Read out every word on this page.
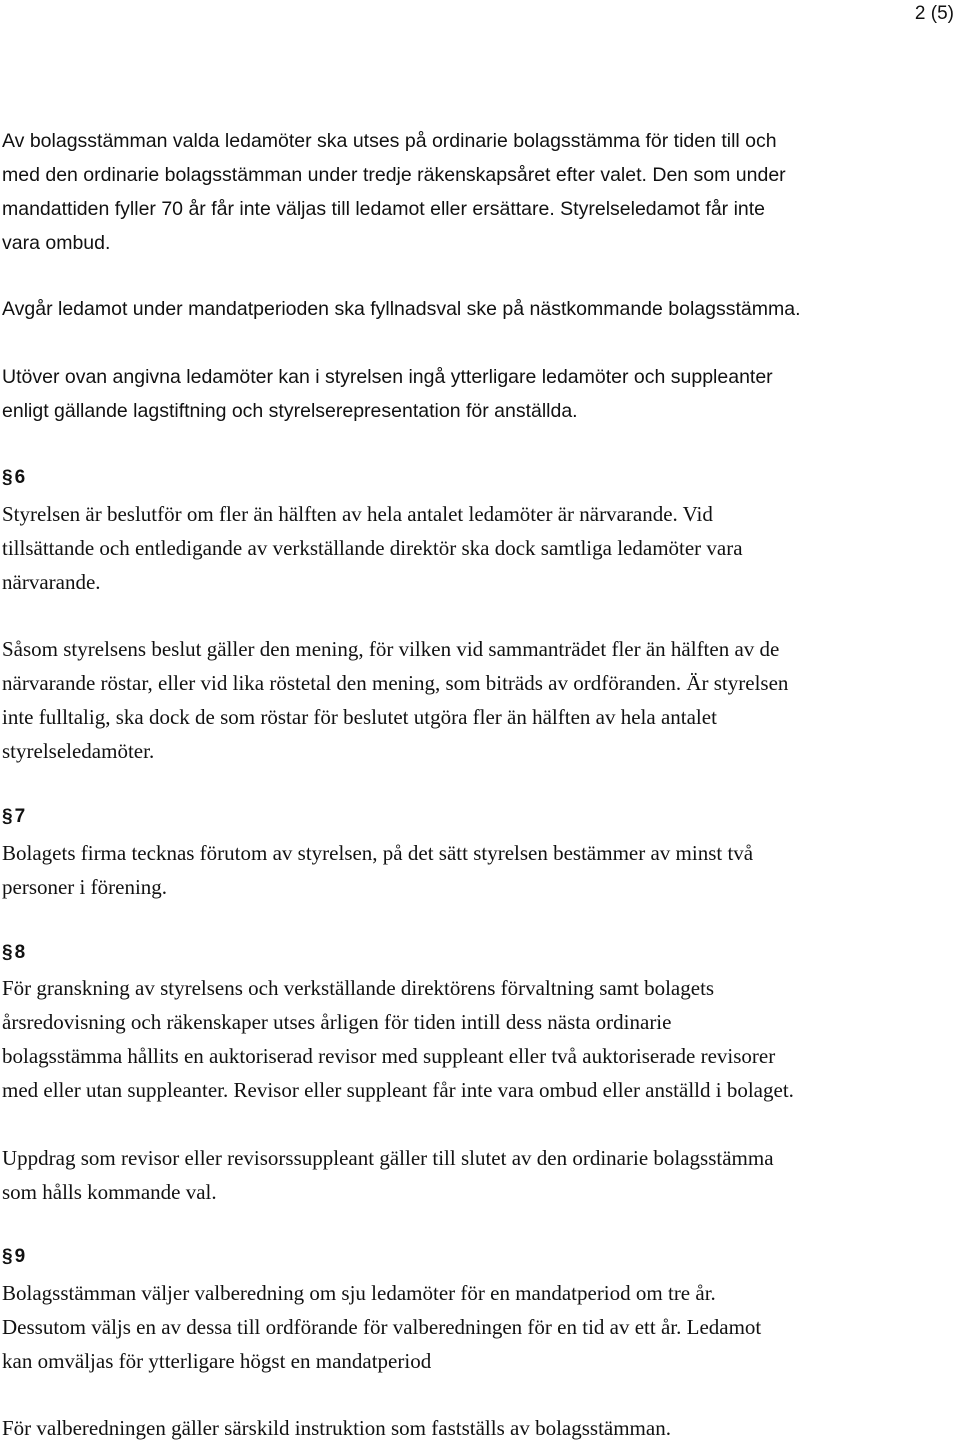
2 (5)

Av bolagsstämman valda ledamöter ska utses på ordinarie bolagsstämma för tiden till och
med den ordinarie bolagsstämman under tredje räkenskapsåret efter valet. Den som under
mandattiden fyller 70 år får inte väljas till ledamot eller ersättare. Styrelseledamot får inte
vara ombud.

Avgår ledamot under mandatperioden ska fyllnadsval ske på nästkommande bolagsstämma.

Utöver ovan angivna ledamöter kan i styrelsen ingå ytterligare ledamöter och suppleanter
enligt gällande lagstiftning och styrelserepresentation för anställda.

§ 6

Styrelsen är beslutför om fler än hälften av hela antalet ledamöter är närvarande. Vid
tillsättande och entledigande av verkställande direktör ska dock samtliga ledamöter vara
närvarande.

Såsom styrelsens beslut gäller den mening, för vilken vid sammanträdet fler än hälften av de
närvarande röstar, eller vid lika röstetal den mening, som biträds av ordföranden. Är styrelsen
inte fulltalig, ska dock de som röstar för beslutet utgöra fler än hälften av hela antalet
styrelseledamöter.

§ 7

Bolagets firma tecknas förutom av styrelsen, på det sätt styrelsen bestämmer av minst två
personer i förening.

§ 8

För granskning av styrelsens och verkställande direktörens förvaltning samt bolagets
årsredovisning och räkenskaper utses årligen för tiden intill dess nästa ordinarie
bolagsstämma hållits en auktoriserad revisor med suppleant eller två auktoriserade revisorer
med eller utan suppleanter. Revisor eller suppleant får inte vara ombud eller anställd i bolaget.

Uppdrag som revisor eller revisorssuppleant gäller till slutet av den ordinarie bolagsstämma
som hålls kommande val.

§ 9

Bolagsstämman väljer valberedning om sju ledamöter för en mandatperiod om tre år.
Dessutom väljs en av dessa till ordförande för valberedningen för en tid av ett år. Ledamot
kan omväljas för ytterligare högst en mandatperiod

För valberedningen gäller särskild instruktion som fastställs av bolagsstämman.
